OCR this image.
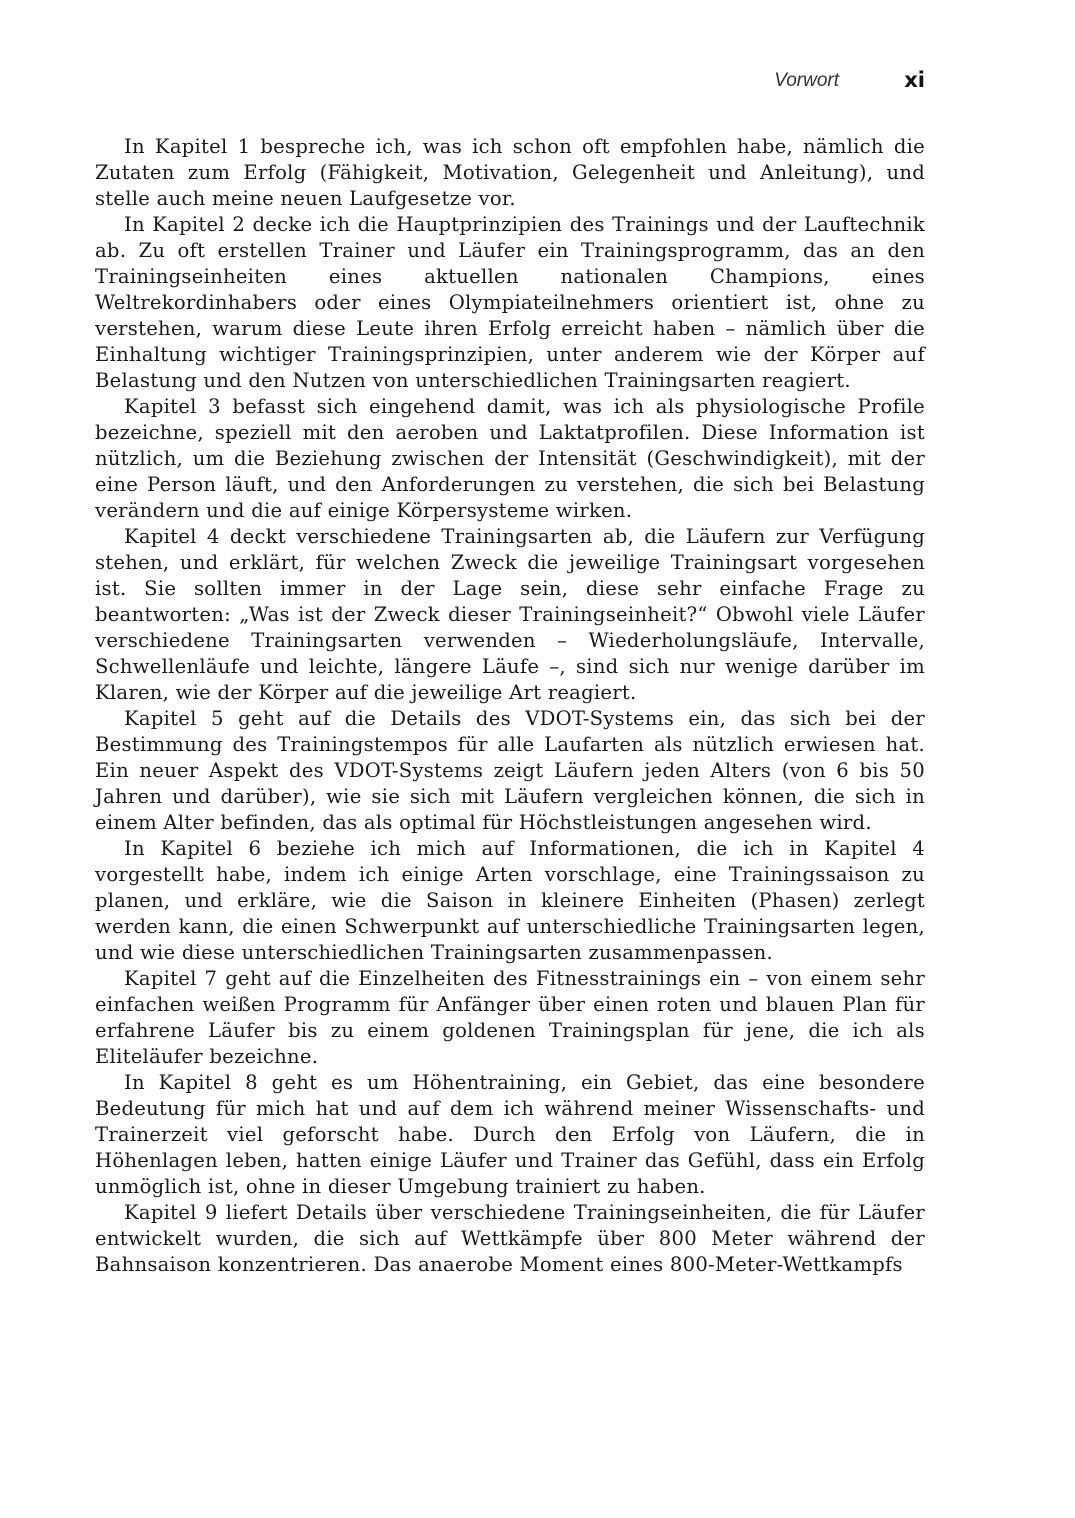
Vorwort	xi

In Kapitel 1 bespreche ich, was ich schon oft empfohlen habe, nämlich die Zutaten zum Erfolg (Fähigkeit, Motivation, Gelegenheit und Anleitung), und stelle auch meine neuen Laufgesetze vor.

In Kapitel 2 decke ich die Hauptprinzipien des Trainings und der Lauftechnik ab. Zu oft erstellen Trainer und Läufer ein Trainingsprogramm, das an den Trainingseinheiten eines aktuellen nationalen Champions, eines Weltrekordinhabers oder eines Olympiateilnehmers orientiert ist, ohne zu verstehen, warum diese Leute ihren Erfolg erreicht haben – nämlich über die Einhaltung wichtiger Trainingsprinzipien, unter anderem wie der Körper auf Belastung und den Nutzen von unterschiedlichen Trainingsarten reagiert.

Kapitel 3 befasst sich eingehend damit, was ich als physiologische Profile bezeichne, speziell mit den aeroben und Laktatprofilen. Diese Information ist nützlich, um die Beziehung zwischen der Intensität (Geschwindigkeit), mit der eine Person läuft, und den Anforderungen zu verstehen, die sich bei Belastung verändern und die auf einige Körpersysteme wirken.

Kapitel 4 deckt verschiedene Trainingsarten ab, die Läufern zur Verfügung stehen, und erklärt, für welchen Zweck die jeweilige Trainingsart vorgesehen ist. Sie sollten immer in der Lage sein, diese sehr einfache Frage zu beantworten: „Was ist der Zweck dieser Trainingseinheit?“ Obwohl viele Läufer verschiedene Trainingsarten verwenden – Wiederholungsläufe, Intervalle, Schwellenläufe und leichte, längere Läufe –, sind sich nur wenige darüber im Klaren, wie der Körper auf die jeweilige Art reagiert.

Kapitel 5 geht auf die Details des VDOT-Systems ein, das sich bei der Bestimmung des Trainingstempos für alle Laufarten als nützlich erwiesen hat. Ein neuer Aspekt des VDOT-Systems zeigt Läufern jeden Alters (von 6 bis 50 Jahren und darüber), wie sie sich mit Läufern vergleichen können, die sich in einem Alter befinden, das als optimal für Höchstleistungen angesehen wird.

In Kapitel 6 beziehe ich mich auf Informationen, die ich in Kapitel 4 vorgestellt habe, indem ich einige Arten vorschlage, eine Trainingssaison zu planen, und erkläre, wie die Saison in kleinere Einheiten (Phasen) zerlegt werden kann, die einen Schwerpunkt auf unterschiedliche Trainingsarten legen, und wie diese unterschiedlichen Trainingsarten zusammenpassen.

Kapitel 7 geht auf die Einzelheiten des Fitnesstrainings ein – von einem sehr einfachen weißen Programm für Anfänger über einen roten und blauen Plan für erfahrene Läufer bis zu einem goldenen Trainingsplan für jene, die ich als Eliteläufer bezeichne.

In Kapitel 8 geht es um Höhentraining, ein Gebiet, das eine besondere Bedeutung für mich hat und auf dem ich während meiner Wissenschafts- und Trainerzeit viel geforscht habe. Durch den Erfolg von Läufern, die in Höhenlagen leben, hatten einige Läufer und Trainer das Gefühl, dass ein Erfolg unmöglich ist, ohne in dieser Umgebung trainiert zu haben.

Kapitel 9 liefert Details über verschiedene Trainingseinheiten, die für Läufer entwickelt wurden, die sich auf Wettkämpfe über 800 Meter während der Bahnsaison konzentrieren. Das anaerobe Moment eines 800-Meter-Wettkampfs
